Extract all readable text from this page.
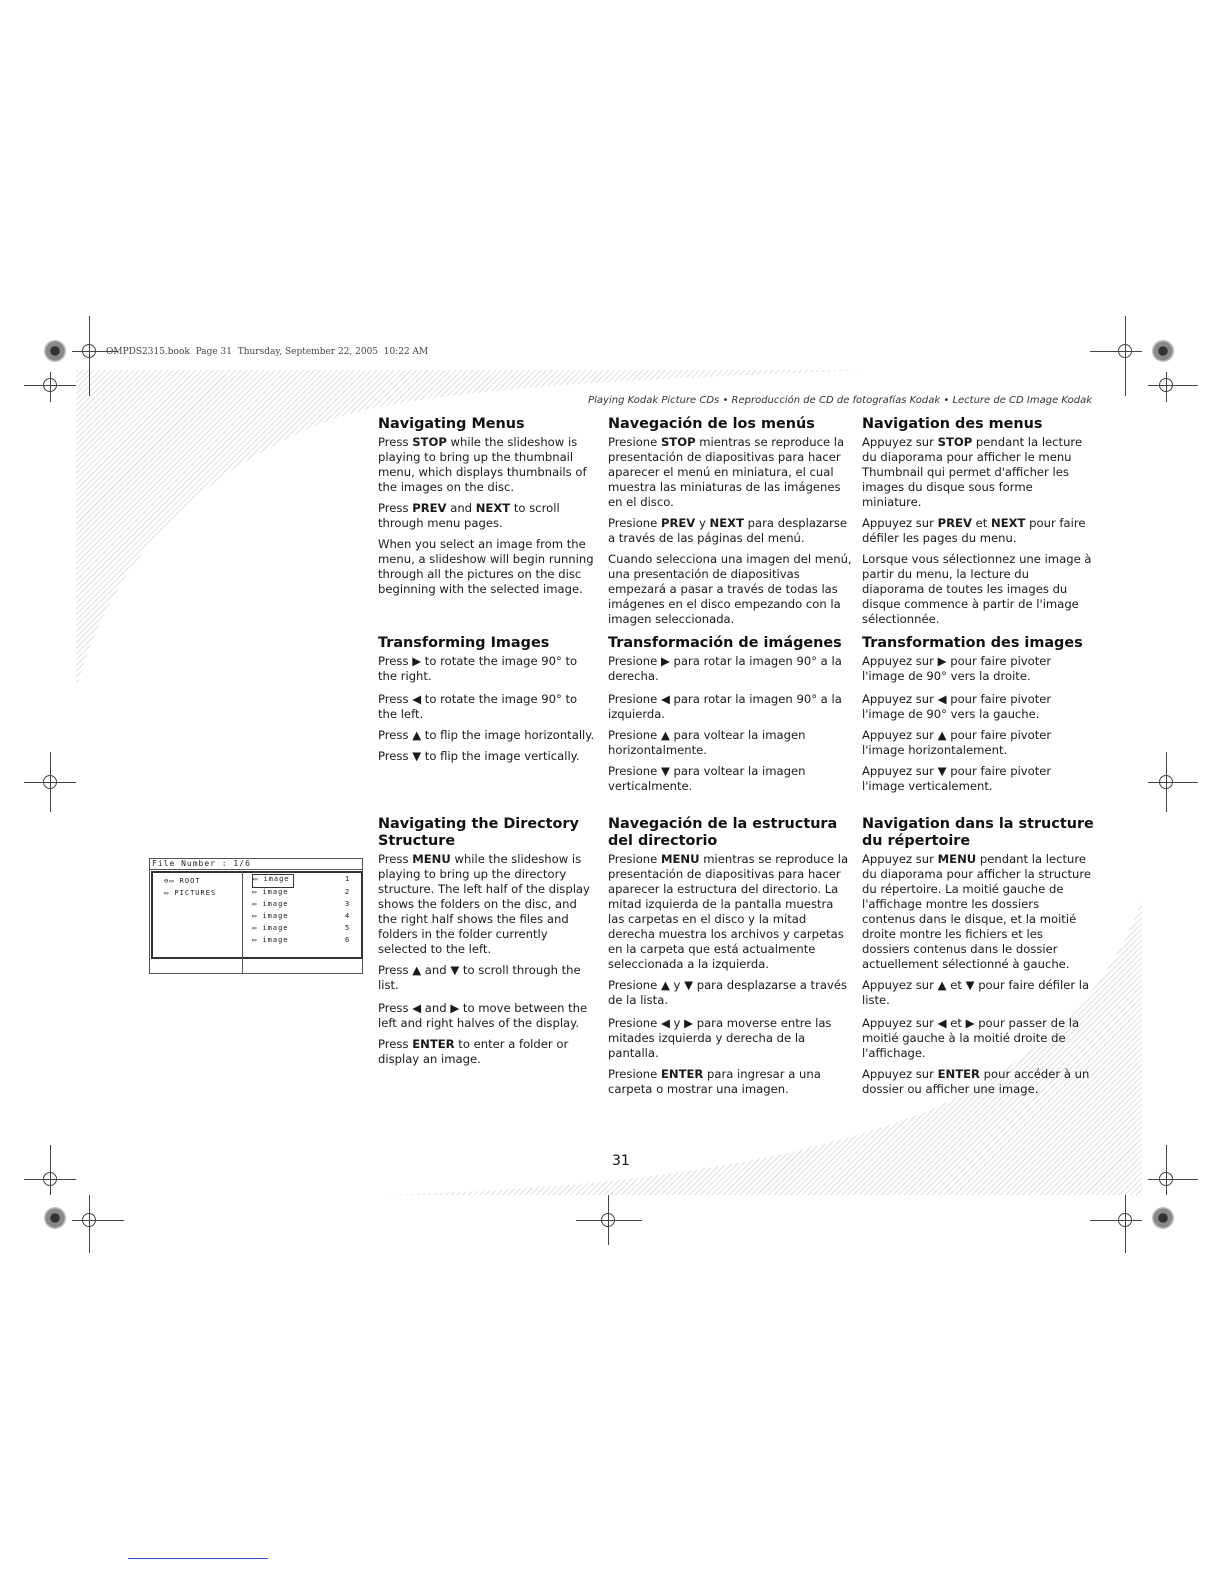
OMPDS2315.book  Page 31  Thursday, September 22, 2005  10:22 AM
Playing Kodak Picture CDs • Reproducción de CD de fotografías Kodak • Lecture de CD Image Kodak
File Number : 1/6
⊖▭ ROOT
▭ PICTURES
▭ image	1
▭ image	2
▭ image	3
▭ image	4
▭ image	5
▭ image	6
Navigating Menus

Press STOP while the slideshow is playing to bring up the thumbnail menu, which displays thumbnails of the images on the disc.

Press PREV and NEXT to scroll through menu pages.

When you select an image from the menu, a slideshow will begin running through all the pictures on the disc beginning with the selected image.

Transforming Images

Press ▶ to rotate the image 90° to the right.

Press ◀ to rotate the image 90° to the left.

Press ▲ to flip the image horizontally.

Press ▼ to flip the image vertically.

Navigating the Directory Structure

Press MENU while the slideshow is playing to bring up the directory structure. The left half of the display shows the folders on the disc, and the right half shows the files and folders in the folder currently selected to the left.

Press ▲ and ▼ to scroll through the list.

Press ◀ and ▶ to move between the left and right halves of the display.

Press ENTER to enter a folder or display an image.

Navegación de los menús

Presione STOP mientras se reproduce la presentación de diapositivas para hacer aparecer el menú en miniatura, el cual muestra las miniaturas de las imágenes en el disco.

Presione PREV y NEXT para desplazarse a través de las páginas del menú.

Cuando selecciona una imagen del menú, una presentación de diapositivas empezará a pasar a través de todas las imágenes en el disco empezando con la imagen seleccionada.

Transformación de imágenes

Presione ▶ para rotar la imagen 90° a la derecha.

Presione ◀ para rotar la imagen 90° a la izquierda.

Presione ▲ para voltear la imagen horizontalmente.

Presione ▼ para voltear la imagen verticalmente.

Navegación de la estructura del directorio

Presione MENU mientras se reproduce la presentación de diapositivas para hacer aparecer la estructura del directorio. La mitad izquierda de la pantalla muestra las carpetas en el disco y la mitad derecha muestra los archivos y carpetas en la carpeta que está actualmente seleccionada a la izquierda.

Presione ▲ y ▼ para desplazarse a través de la lista.

Presione ◀ y ▶ para moverse entre las mitades izquierda y derecha de la pantalla.

Presione ENTER para ingresar a una carpeta o mostrar una imagen.

Navigation des menus

Appuyez sur STOP pendant la lecture du diaporama pour afficher le menu Thumbnail qui permet d'afficher les images du disque sous forme miniature.

Appuyez sur PREV et NEXT pour faire défiler les pages du menu.

Lorsque vous sélectionnez une image à partir du menu, la lecture du diaporama de toutes les images du disque commence à partir de l'image sélectionnée.

Transformation des images

Appuyez sur ▶ pour faire pivoter l'image de 90° vers la droite.

Appuyez sur ◀ pour faire pivoter l'image de 90° vers la gauche.

Appuyez sur ▲ pour faire pivoter l'image horizontalement.

Appuyez sur ▼ pour faire pivoter l'image verticalement.

Navigation dans la structure du répertoire

Appuyez sur MENU pendant la lecture du diaporama pour afficher la structure du répertoire. La moitié gauche de l'affichage montre les dossiers contenus dans le disque, et la moitié droite montre les fichiers et les dossiers contenus dans le dossier actuellement sélectionné à gauche.

Appuyez sur ▲ et ▼ pour faire défiler la liste.

Appuyez sur ◀ et ▶ pour passer de la moitié gauche à la moitié droite de l'affichage.

Appuyez sur ENTER pour accéder à un dossier ou afficher une image.

31
